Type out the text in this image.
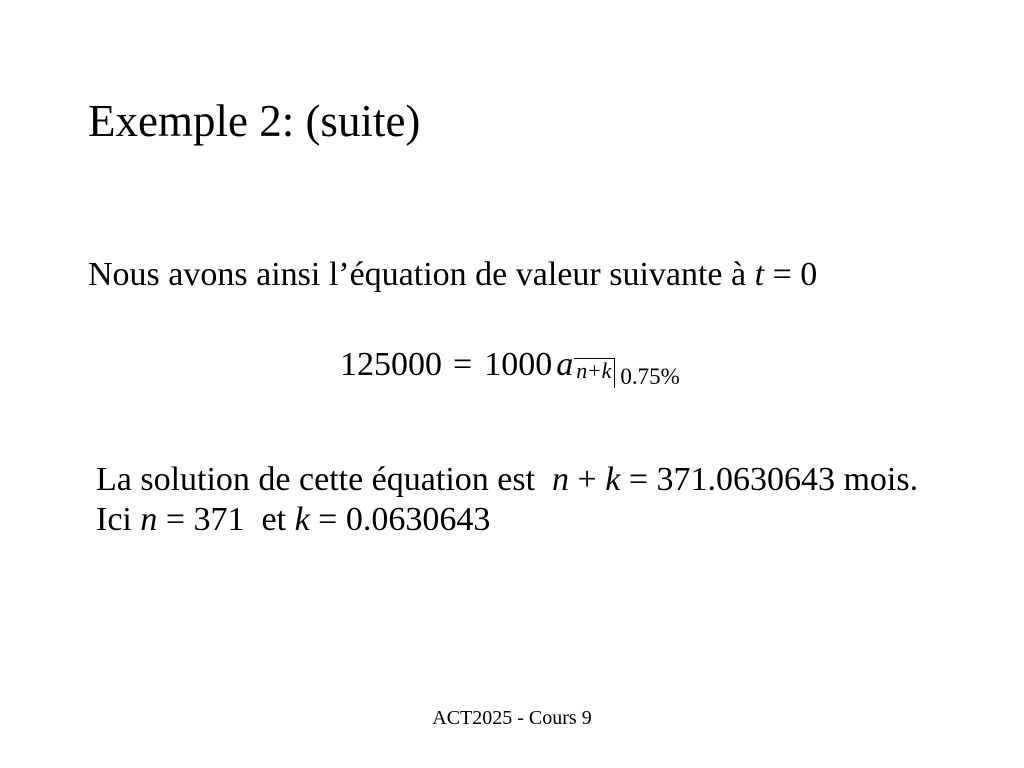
Exemple 2: (suite)
Nous avons ainsi l’équation de valeur suivante à t = 0
125000 = 1000 a n + k 0.75%
La solution de cette équation est n + k = 371.0630643 mois.
Ici n = 371  et k = 0.0630643
ACT2025 - Cours 9
